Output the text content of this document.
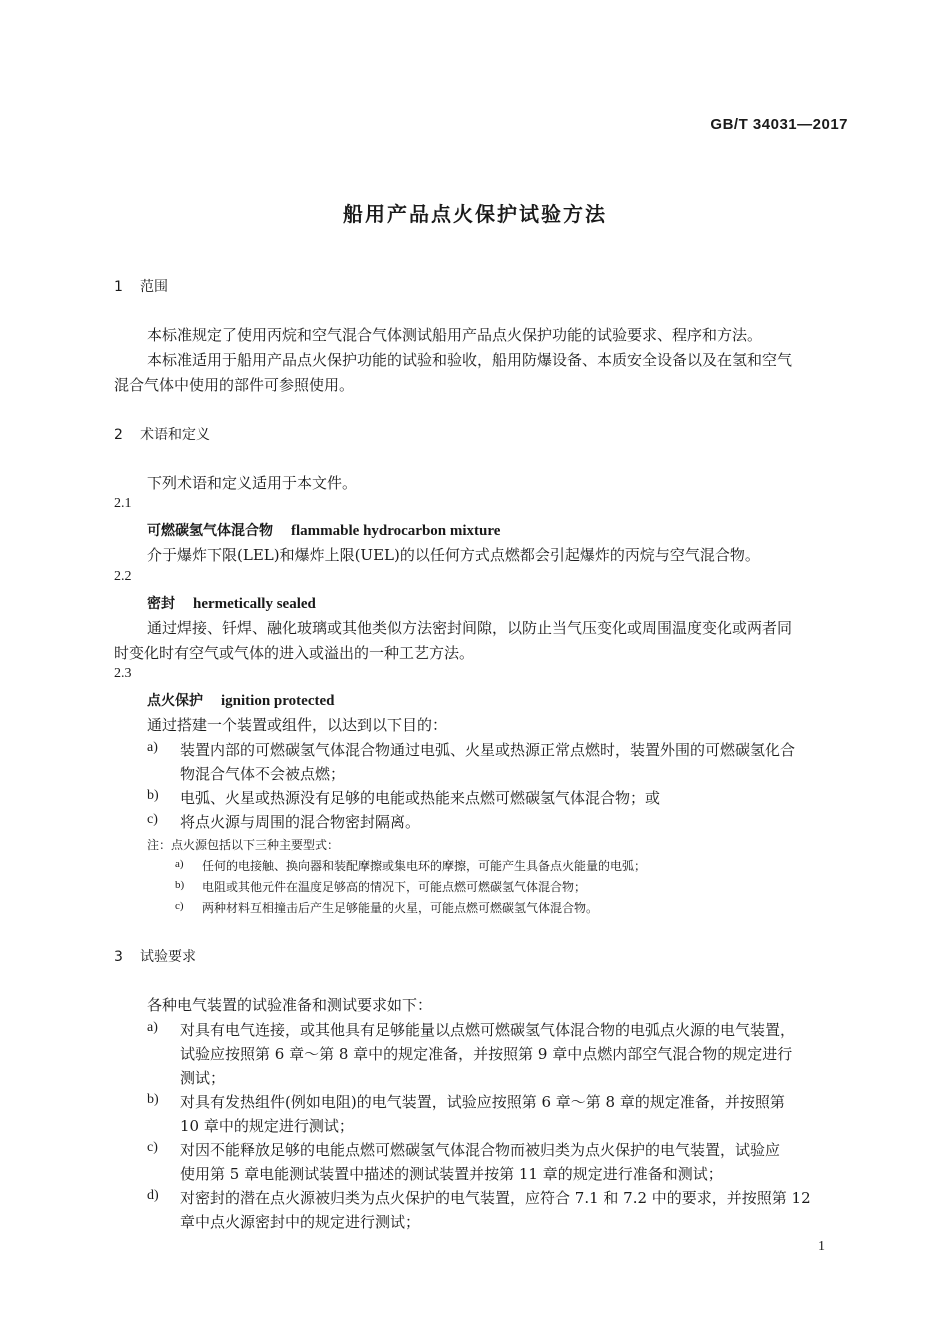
GB/T 34031—2017
船用产品点火保护试验方法
1 范围
本标准规定了使用丙烷和空气混合气体测试船用产品点火保护功能的试验要求、程序和方法。
本标准适用于船用产品点火保护功能的试验和验收，船用防爆设备、本质安全设备以及在氢和空气
混合气体中使用的部件可参照使用。
2 术语和定义
下列术语和定义适用于本文件。
2.1
可燃碳氢气体混合物 flammable hydrocarbon mixture
介于爆炸下限(LEL)和爆炸上限(UEL)的以任何方式点燃都会引起爆炸的丙烷与空气混合物。
2.2
密封 hermetically sealed
通过焊接、钎焊、融化玻璃或其他类似方法密封间隙，以防止当气压变化或周围温度变化或两者同
时变化时有空气或气体的进入或溢出的一种工艺方法。
2.3
点火保护 ignition protected
通过搭建一个装置或组件，以达到以下目的：
a) 装置内部的可燃碳氢气体混合物通过电弧、火星或热源正常点燃时，装置外围的可燃碳氢化合
物混合气体不会被点燃；
b) 电弧、火星或热源没有足够的电能或热能来点燃可燃碳氢气体混合物；或
c) 将点火源与周围的混合物密封隔离。
注：点火源包括以下三种主要型式：
a) 任何的电接触、换向器和装配摩擦或集电环的摩擦，可能产生具备点火能量的电弧；
b) 电阻或其他元件在温度足够高的情况下，可能点燃可燃碳氢气体混合物；
c) 两种材料互相撞击后产生足够能量的火星，可能点燃可燃碳氢气体混合物。
3 试验要求
各种电气装置的试验准备和测试要求如下：
a) 对具有电气连接，或其他具有足够能量以点燃可燃碳氢气体混合物的电弧点火源的电气装置，
试验应按照第 6 章～第 8 章中的规定准备，并按照第 9 章中点燃内部空气混合物的规定进行
测试；
b) 对具有发热组件(例如电阻)的电气装置，试验应按照第 6 章～第 8 章的规定准备，并按照第
10 章中的规定进行测试；
c) 对因不能释放足够的电能点燃可燃碳氢气体混合物而被归类为点火保护的电气装置，试验应
使用第 5 章电能测试装置中描述的测试装置并按第 11 章的规定进行准备和测试；
d) 对密封的潜在点火源被归类为点火保护的电气装置，应符合 7.1 和 7.2 中的要求，并按照第 12
章中点火源密封中的规定进行测试；
1
